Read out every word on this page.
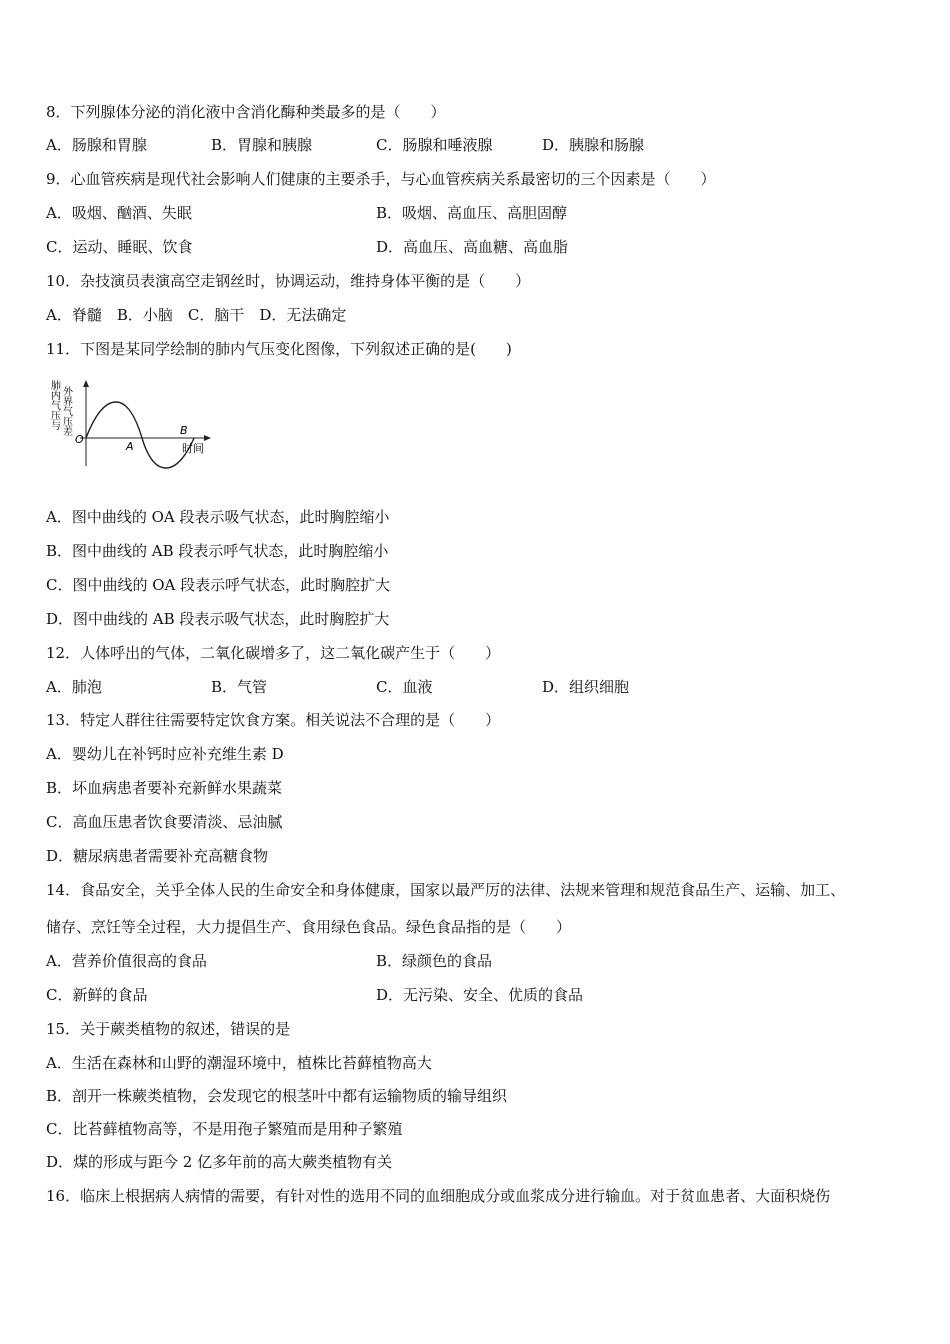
8．下列腺体分泌的消化液中含消化酶种类最多的是（　　）
A．肠腺和胃腺	B．胃腺和胰腺	C．肠腺和唾液腺	D．胰腺和肠腺
9．心血管疾病是现代社会影响人们健康的主要杀手，与心血管疾病关系最密切的三个因素是（　　）
A．吸烟、酗酒、失眠	B．吸烟、高血压、高胆固醇
C．运动、睡眠、饮食	D．高血压、高血糖、高血脂
10．杂技演员表演高空走钢丝时，协调运动，维持身体平衡的是（　　）
A．脊髓　B．小脑　C．脑干　D．无法确定
11．下图是某同学绘制的肺内气压变化图像，下列叙述正确的是(　　)
肺内气压与 外界气压差
O
A
B
时间
A．图中曲线的 OA 段表示吸气状态，此时胸腔缩小
B．图中曲线的 AB 段表示呼气状态，此时胸腔缩小
C．图中曲线的 OA 段表示呼气状态，此时胸腔扩大
D．图中曲线的 AB 段表示吸气状态，此时胸腔扩大
12．人体呼出的气体，二氧化碳增多了，这二氧化碳产生于（　　）
A．肺泡	B．气管	C．血液	D．组织细胞
13．特定人群往往需要特定饮食方案。相关说法不合理的是（　　）
A．婴幼儿在补钙时应补充维生素 D
B．坏血病患者要补充新鲜水果蔬菜
C．高血压患者饮食要清淡、忌油腻
D．糖尿病患者需要补充高糖食物
14．食品安全，关乎全体人民的生命安全和身体健康，国家以最严厉的法律、法规来管理和规范食品生产、运输、加工、
储存、烹饪等全过程，大力提倡生产、食用绿色食品。绿色食品指的是（　　）
A．营养价值很高的食品	B．绿颜色的食品
C．新鲜的食品	D．无污染、安全、优质的食品
15．关于蕨类植物的叙述，错误的是
A．生活在森林和山野的潮湿环境中，植株比苔藓植物高大
B．剖开一株蕨类植物，会发现它的根茎叶中都有运输物质的输导组织
C．比苔藓植物高等，不是用孢子繁殖而是用种子繁殖
D．煤的形成与距今 2 亿多年前的高大蕨类植物有关
16．临床上根据病人病情的需要，有针对性的选用不同的血细胞成分或血浆成分进行输血。对于贫血患者、大面积烧伤
